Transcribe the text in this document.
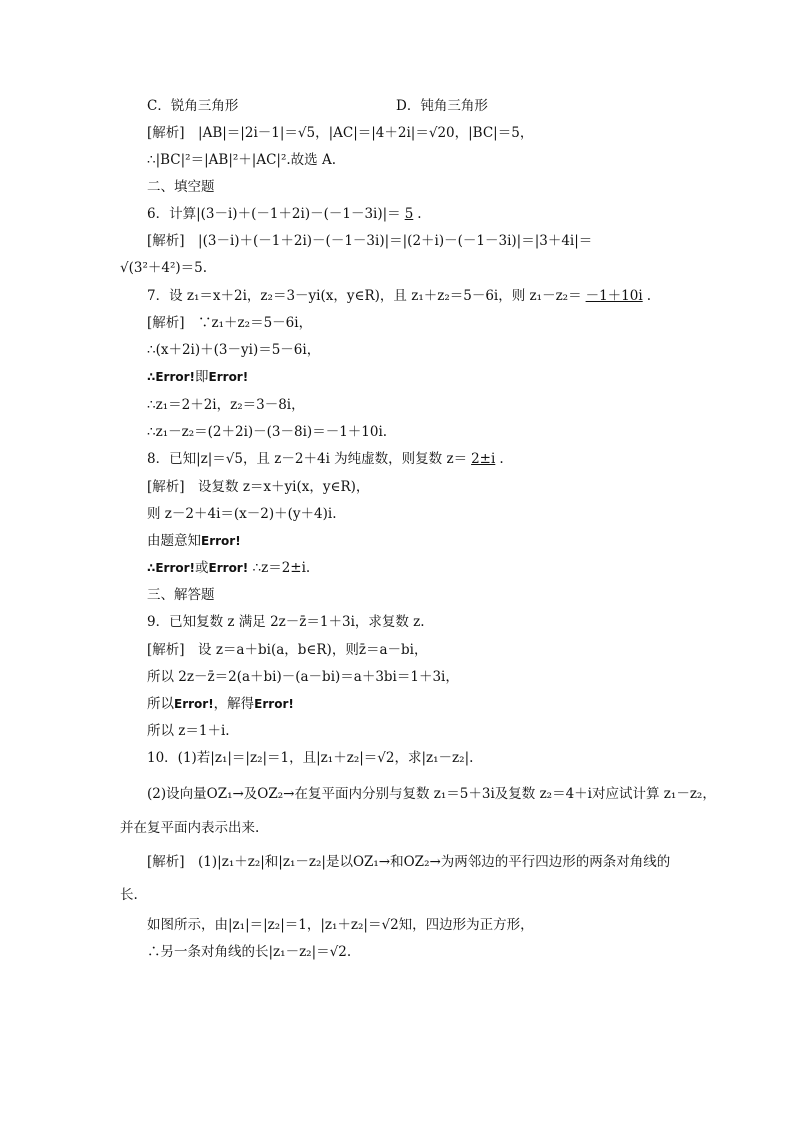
C．锐角三角形	D．钝角三角形
[解析]　|AB|＝|2i－1|＝√5，|AC|＝|4＋2i|＝√20，|BC|＝5，
∴|BC|²＝|AB|²＋|AC|².故选 A.
二、填空题
6．计算|(3－i)＋(－1＋2i)－(－1－3i)|＝ 5 .
[解析]　|(3－i)＋(－1＋2i)－(－1－3i)|＝|(2＋i)－(－1－3i)|＝|3＋4i|＝
√(3²＋4²)＝5.
7．设 z₁＝x＋2i，z₂＝3－yi(x，y∈R)，且 z₁＋z₂＝5－6i，则 z₁－z₂＝ －1＋10i .
[解析]　∵z₁＋z₂＝5－6i，
∴(x＋2i)＋(3－yi)＝5－6i，
∴Error!即Error!
∴z₁＝2＋2i，z₂＝3－8i，
∴z₁－z₂＝(2＋2i)－(3－8i)＝－1＋10i.
8．已知|z|＝√5，且 z－2＋4i 为纯虚数，则复数 z＝ 2±i .
[解析]　设复数 z＝x＋yi(x，y∈R)，
则 z－2＋4i＝(x－2)＋(y＋4)i.
由题意知Error!
∴Error!或Error! ∴z＝2±i.
三、解答题
9．已知复数 z 满足 2z－z̄＝1＋3i，求复数 z.
[解析]　设 z＝a＋bi(a，b∈R)，则z̄＝a－bi，
所以 2z－z̄＝2(a＋bi)－(a－bi)＝a＋3bi＝1＋3i，
所以Error!，解得Error!
所以 z＝1＋i.
10．(1)若|z₁|＝|z₂|＝1，且|z₁＋z₂|＝√2，求|z₁－z₂|.
(2)设向量OZ₁→及OZ₂→在复平面内分别与复数 z₁＝5＋3i及复数 z₂＝4＋i对应试计算 z₁－z₂，
并在复平面内表示出来.
[解析]　(1)|z₁＋z₂|和|z₁－z₂|是以OZ₁→和OZ₂→为两邻边的平行四边形的两条对角线的
长.
如图所示，由|z₁|＝|z₂|＝1，|z₁＋z₂|＝√2知，四边形为正方形，
∴另一条对角线的长|z₁－z₂|＝√2.
